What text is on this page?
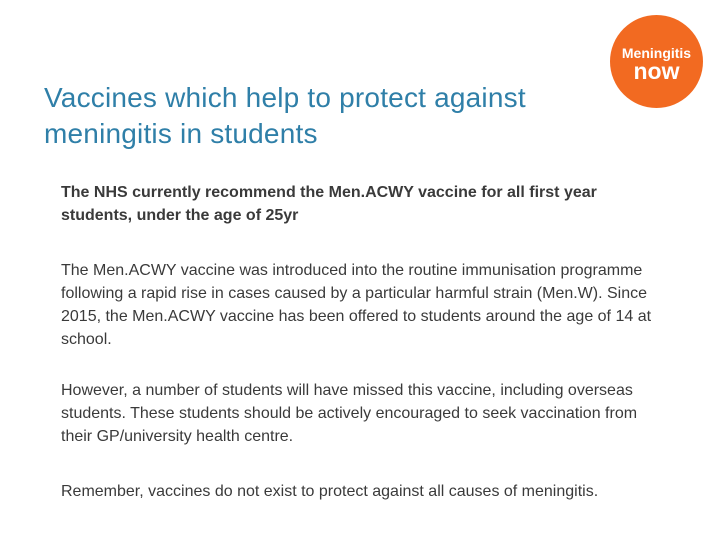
Vaccines which help to protect against meningitis in students
Meningitis
now

The NHS currently recommend the Men.ACWY vaccine for all first year students, under the age of 25yr

The Men.ACWY vaccine was introduced into the routine immunisation programme following a rapid rise in cases caused by a particular harmful strain (Men.W). Since 2015, the Men.ACWY vaccine has been offered to students around the age of 14 at school.

However, a number of students will have missed this vaccine, including overseas students. These students should be actively encouraged to seek vaccination from their GP/university health centre.

Remember, vaccines do not exist to protect against all causes of meningitis.
